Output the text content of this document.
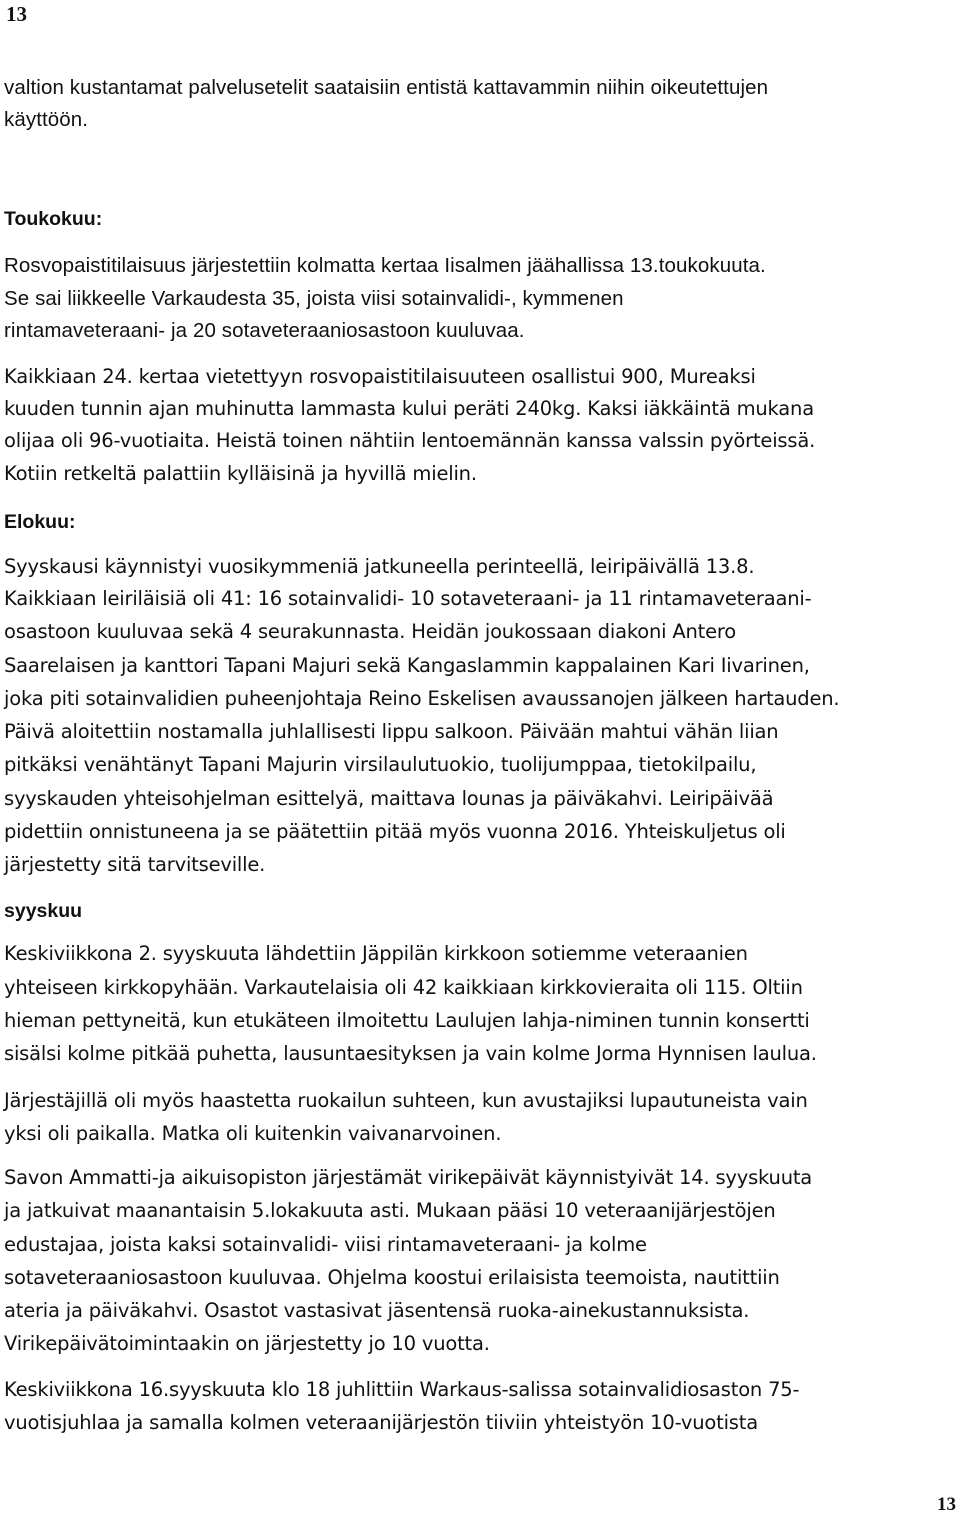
13
valtion kustantamat palvelusetelit saataisiin entistä kattavammin niihin oikeutettujen
käyttöön.
Toukokuu:
Rosvopaistitilaisuus järjestettiin kolmatta kertaa Iisalmen jäähallissa 13.toukokuuta.
Se sai liikkeelle Varkaudesta 35, joista viisi sotainvalidi-, kymmenen
rintamaveteraani- ja 20 sotaveteraaniosastoon kuuluvaa.
Kaikkiaan 24. kertaa vietettyyn rosvopaistitilaisuuteen osallistui 900, Mureaksi
kuuden tunnin ajan muhinutta lammasta kului peräti 240kg. Kaksi iäkkäintä mukana
olijaa oli 96-vuotiaita. Heistä toinen nähtiin lentoemännän kanssa valssin pyörteissä.
Kotiin retkeltä palattiin kylläisinä ja hyvillä mielin.
Elokuu:
Syyskausi käynnistyi vuosikymmeniä jatkuneella perinteellä, leiripäivällä 13.8.
Kaikkiaan leiriläisiä oli 41: 16 sotainvalidi- 10 sotaveteraani- ja 11 rintamaveteraani-
osastoon kuuluvaa sekä 4 seurakunnasta. Heidän joukossaan diakoni Antero
Saarelaisen ja kanttori Tapani Majuri sekä Kangaslammin kappalainen Kari Iivarinen,
joka piti sotainvalidien puheenjohtaja Reino Eskelisen avaussanojen jälkeen hartauden.
Päivä aloitettiin nostamalla juhlallisesti lippu salkoon. Päivään mahtui vähän liian
pitkäksi venähtänyt Tapani Majurin virsilaulutuokio, tuolijumppaa, tietokilpailu,
syyskauden yhteisohjelman esittelyä, maittava lounas ja päiväkahvi. Leiripäivää
pidettiin onnistuneena ja se päätettiin pitää myös vuonna 2016. Yhteiskuljetus oli
järjestetty sitä tarvitseville.
syyskuu
Keskiviikkona 2. syyskuuta lähdettiin Jäppilän kirkkoon sotiemme veteraanien
yhteiseen kirkkopyhään. Varkautelaisia oli 42 kaikkiaan kirkkovieraita oli 115. Oltiin
hieman pettyneitä, kun etukäteen ilmoitettu Laulujen lahja-niminen tunnin konsertti
sisälsi kolme pitkää puhetta, lausuntaesityksen ja vain kolme Jorma Hynnisen laulua.
Järjestäjillä oli myös haastetta ruokailun suhteen, kun avustajiksi lupautuneista vain
yksi oli paikalla. Matka oli kuitenkin vaivanarvoinen.
Savon Ammatti-ja aikuisopiston järjestämät virikepäivät käynnistyivät 14. syyskuuta
ja jatkuivat maanantaisin 5.lokakuuta asti. Mukaan pääsi 10 veteraanijärjestöjen
edustajaa, joista kaksi sotainvalidi- viisi rintamaveteraani- ja kolme
sotaveteraaniosastoon kuuluvaa. Ohjelma koostui erilaisista teemoista, nautittiin
ateria ja päiväkahvi. Osastot vastasivat jäsentensä ruoka-ainekustannuksista.
Virikepäivätoimintaakin on järjestetty jo 10 vuotta.
Keskiviikkona 16.syyskuuta klo 18 juhlittiin Warkaus-salissa sotainvalidiosaston 75-
vuotisjuhlaa ja samalla kolmen veteraanijärjestön tiiviin yhteistyön 10-vuotista
13
